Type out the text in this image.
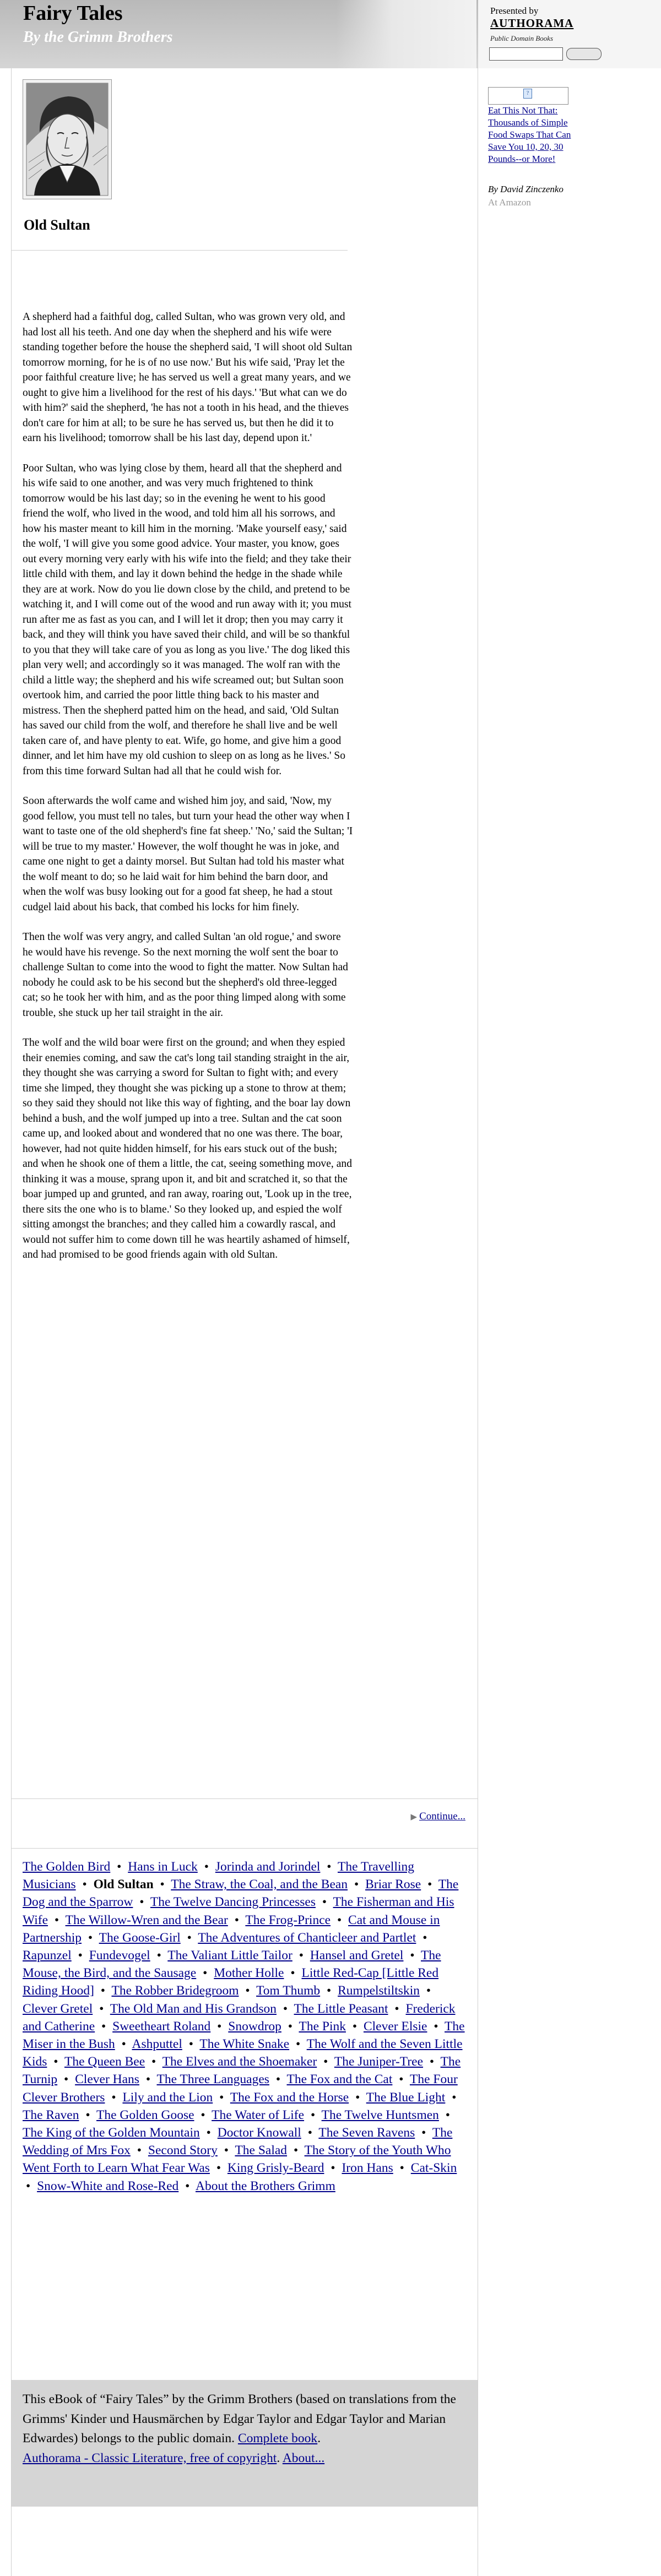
Fairy Tales
By the Grimm Brothers
Presented by
AUTHORAMA
Public Domain Books
Old Sultan

A shepherd had a faithful dog, called Sultan, who was grown very old, and had lost all his teeth. And one day when the shepherd and his wife were standing together before the house the shepherd said, 'I will shoot old Sultan tomorrow morning, for he is of no use now.' But his wife said, 'Pray let the poor faithful creature live; he has served us well a great many years, and we ought to give him a livelihood for the rest of his days.' 'But what can we do with him?' said the shepherd, 'he has not a tooth in his head, and the thieves don't care for him at all; to be sure he has served us, but then he did it to earn his livelihood; tomorrow shall be his last day, depend upon it.'

Poor Sultan, who was lying close by them, heard all that the shepherd and his wife said to one another, and was very much frightened to think tomorrow would be his last day; so in the evening he went to his good friend the wolf, who lived in the wood, and told him all his sorrows, and how his master meant to kill him in the morning. 'Make yourself easy,' said the wolf, 'I will give you some good advice. Your master, you know, goes out every morning very early with his wife into the field; and they take their little child with them, and lay it down behind the hedge in the shade while they are at work. Now do you lie down close by the child, and pretend to be watching it, and I will come out of the wood and run away with it; you must run after me as fast as you can, and I will let it drop; then you may carry it back, and they will think you have saved their child, and will be so thankful to you that they will take care of you as long as you live.' The dog liked this plan very well; and accordingly so it was managed. The wolf ran with the child a little way; the shepherd and his wife screamed out; but Sultan soon overtook him, and carried the poor little thing back to his master and mistress. Then the shepherd patted him on the head, and said, 'Old Sultan has saved our child from the wolf, and therefore he shall live and be well taken care of, and have plenty to eat. Wife, go home, and give him a good dinner, and let him have my old cushion to sleep on as long as he lives.' So from this time forward Sultan had all that he could wish for.

Soon afterwards the wolf came and wished him joy, and said, 'Now, my good fellow, you must tell no tales, but turn your head the other way when I want to taste one of the old shepherd's fine fat sheep.' 'No,' said the Sultan; 'I will be true to my master.' However, the wolf thought he was in joke, and came one night to get a dainty morsel. But Sultan had told his master what the wolf meant to do; so he laid wait for him behind the barn door, and when the wolf was busy looking out for a good fat sheep, he had a stout cudgel laid about his back, that combed his locks for him finely.

Then the wolf was very angry, and called Sultan 'an old rogue,' and swore he would have his revenge. So the next morning the wolf sent the boar to challenge Sultan to come into the wood to fight the matter. Now Sultan had nobody he could ask to be his second but the shepherd's old three-legged cat; so he took her with him, and as the poor thing limped along with some trouble, she stuck up her tail straight in the air.

The wolf and the wild boar were first on the ground; and when they espied their enemies coming, and saw the cat's long tail standing straight in the air, they thought she was carrying a sword for Sultan to fight with; and every time she limped, they thought she was picking up a stone to throw at them; so they said they should not like this way of fighting, and the boar lay down behind a bush, and the wolf jumped up into a tree. Sultan and the cat soon came up, and looked about and wondered that no one was there. The boar, however, had not quite hidden himself, for his ears stuck out of the bush; and when he shook one of them a little, the cat, seeing something move, and thinking it was a mouse, sprang upon it, and bit and scratched it, so that the boar jumped up and grunted, and ran away, roaring out, 'Look up in the tree, there sits the one who is to blame.' So they looked up, and espied the wolf sitting amongst the branches; and they called him a cowardly rascal, and would not suffer him to come down till he was heartily ashamed of himself, and had promised to be good friends again with old Sultan.

▶ Continue...
The Golden Bird • Hans in Luck • Jorinda and Jorindel • The Travelling Musicians • Old Sultan • The Straw, the Coal, and the Bean • Briar Rose • The Dog and the Sparrow • The Twelve Dancing Princesses • The Fisherman and His Wife • The Willow-Wren and the Bear • The Frog-Prince • Cat and Mouse in Partnership • The Goose-Girl • The Adventures of Chanticleer and Partlet • Rapunzel • Fundevogel • The Valiant Little Tailor • Hansel and Gretel • The Mouse, the Bird, and the Sausage • Mother Holle • Little Red-Cap [Little Red Riding Hood] • The Robber Bridegroom • Tom Thumb • Rumpelstiltskin • Clever Gretel • The Old Man and His Grandson • The Little Peasant • Frederick and Catherine • Sweetheart Roland • Snowdrop • The Pink • Clever Elsie • The Miser in the Bush • Ashputtel • The White Snake • The Wolf and the Seven Little Kids • The Queen Bee • The Elves and the Shoemaker • The Juniper-Tree • The Turnip • Clever Hans • The Three Languages • The Fox and the Cat • The Four Clever Brothers • Lily and the Lion • The Fox and the Horse • The Blue Light • The Raven • The Golden Goose • The Water of Life • The Twelve Huntsmen • The King of the Golden Mountain • Doctor Knowall • The Seven Ravens • The Wedding of Mrs Fox • Second Story • The Salad • The Story of the Youth Who Went Forth to Learn What Fear Was • King Grisly-Beard • Iron Hans • Cat-Skin • Snow-White and Rose-Red • About the Brothers Grimm
This eBook of “Fairy Tales” by the Grimm Brothers (based on translations from the Grimms' Kinder und Hausmärchen by Edgar Taylor and Edgar Taylor and Marian Edwardes) belongs to the public domain. Complete book.
Authorama - Classic Literature, free of copyright. About...
?
Eat This Not That: Thousands of Simple Food Swaps That Can Save You 10, 20, 30 Pounds--or More!
By David Zinczenko
At Amazon
